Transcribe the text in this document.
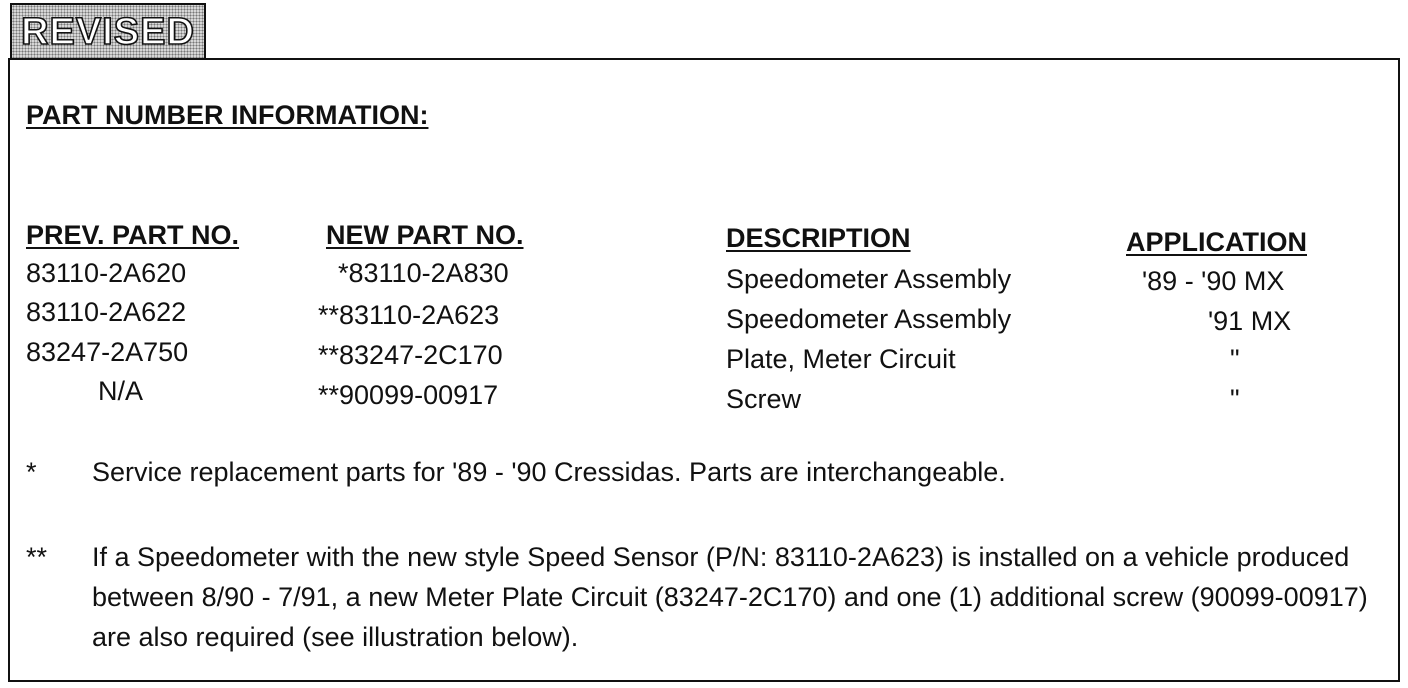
REVISED
PART NUMBER INFORMATION:
PREV. PART NO.	NEW PART NO.	DESCRIPTION	APPLICATION
83110-2A620	*83110-2A830	Speedometer Assembly	'89 - '90 MX
83110-2A622	**83110-2A623	Speedometer Assembly	'91 MX
83247-2A750	**83247-2C170	Plate, Meter Circuit	"
N/A	**90099-00917	Screw	"
* Service replacement parts for '89 - '90 Cressidas. Parts are interchangeable.
** If a Speedometer with the new style Speed Sensor (P/N: 83110-2A623) is installed on a vehicle produced between 8/90 - 7/91, a new Meter Plate Circuit (83247-2C170) and one (1) additional screw (90099-00917) are also required (see illustration below).
